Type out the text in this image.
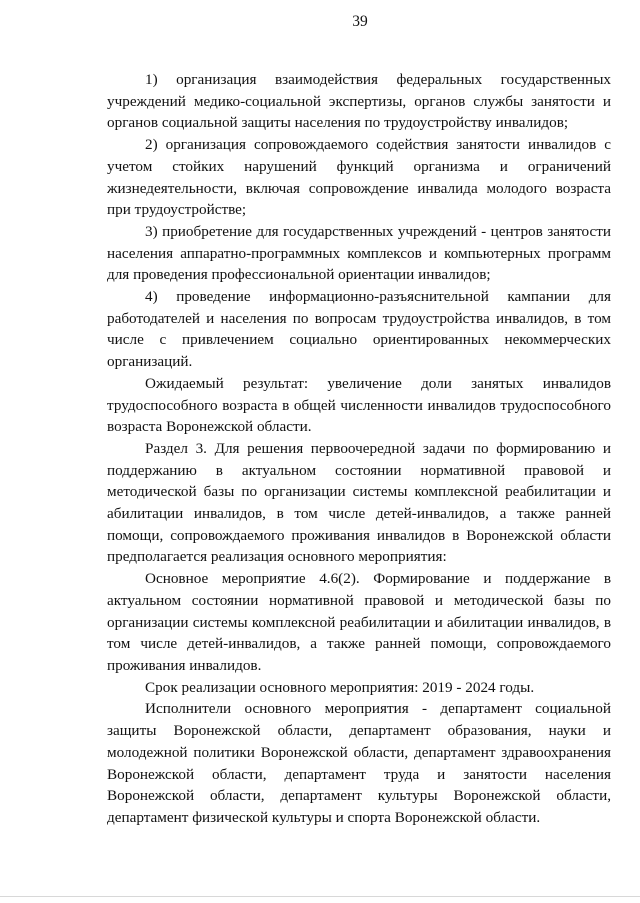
39

1) организация взаимодействия федеральных государственных учреждений медико-социальной экспертизы, органов службы занятости и органов социальной защиты населения по трудоустройству инвалидов;

2) организация сопровождаемого содействия занятости инвалидов с учетом стойких нарушений функций организма и ограничений жизнедеятельности, включая сопровождение инвалида молодого возраста при трудоустройстве;

3) приобретение для государственных учреждений - центров занятости населения аппаратно-программных комплексов и компьютерных программ для проведения профессиональной ориентации инвалидов;

4) проведение информационно-разъяснительной кампании для работодателей и населения по вопросам трудоустройства инвалидов, в том числе с привлечением социально ориентированных некоммерческих организаций.

Ожидаемый результат: увеличение доли занятых инвалидов трудоспособного возраста в общей численности инвалидов трудоспособного возраста Воронежской области.

Раздел 3. Для решения первоочередной задачи по формированию и поддержанию в актуальном состоянии нормативной правовой и методической базы по организации системы комплексной реабилитации и абилитации инвалидов, в том числе детей-инвалидов, а также ранней помощи, сопровождаемого проживания инвалидов в Воронежской области предполагается реализация основного мероприятия:

Основное мероприятие 4.6(2). Формирование и поддержание в актуальном состоянии нормативной правовой и методической базы по организации системы комплексной реабилитации и абилитации инвалидов, в том числе детей-инвалидов, а также ранней помощи, сопровождаемого проживания инвалидов.

Срок реализации основного мероприятия: 2019 - 2024 годы.

Исполнители основного мероприятия - департамент социальной защиты Воронежской области, департамент образования, науки и молодежной политики Воронежской области, департамент здравоохранения Воронежской области, департамент труда и занятости населения Воронежской области, департамент культуры Воронежской области, департамент физической культуры и спорта Воронежской области.
